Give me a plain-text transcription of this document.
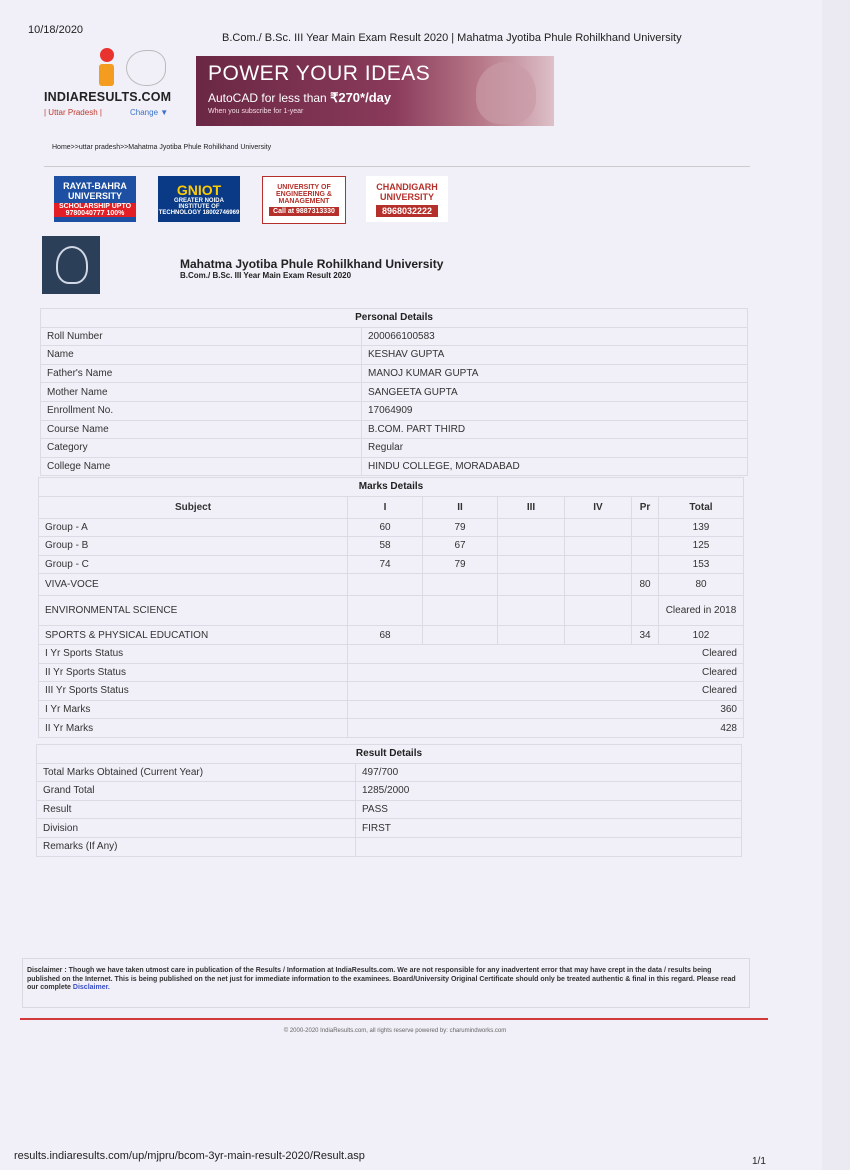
10/18/2020
B.Com./ B.Sc. III Year Main Exam Result 2020 | Mahatma Jyotiba Phule Rohilkhand University
INDIARESULTS.COM
| Uttar Pradesh |	Change ▼
POWER YOUR IDEAS
AutoCAD for less than ₹270*/day
When you subscribe for 1-year
Home>>uttar pradesh>>Mahatma Jyotiba Phule Rohilkhand University
RAYAT-BAHRA UNIVERSITY
SCHOLARSHIP UPTO 9780040777 100%
GNIOT
GREATER NOIDA INSTITUTE OF TECHNOLOGY 18002746969
UNIVERSITY OF ENGINEERING & MANAGEMENT
Call at 9887313330
CHANDIGARH UNIVERSITY
8968032222
Mahatma Jyotiba Phule Rohilkhand University
B.Com./ B.Sc. III Year Main Exam Result 2020
Personal Details	
Roll Number	200066100583
Name	KESHAV GUPTA
Father's Name	MANOJ KUMAR GUPTA
Mother Name	SANGEETA GUPTA
Enrollment No.	17064909
Course Name	B.COM. PART THIRD
Category	Regular
College Name	HINDU COLLEGE, MORADABAD
Marks Details						
Subject	I	II	III	IV	Pr	Total
Group - A	60	79				139
Group - B	58	67				125
Group - C	74	79				153
VIVA-VOCE					80	80
ENVIRONMENTAL SCIENCE						Cleared in 2018
SPORTS & PHYSICAL EDUCATION	68				34	102
I Yr Sports Status	Cleared					
II Yr Sports Status	Cleared					
III Yr Sports Status	Cleared					
I Yr Marks	360					
II Yr Marks	428					
Result Details	
Total Marks Obtained (Current Year)	497/700
Grand Total	1285/2000
Result	PASS
Division	FIRST
Remarks (If Any)	
Disclaimer : Though we have taken utmost care in publication of the Results / Information at IndiaResults.com. We are not responsible for any inadvertent error that may have crept in the data / results being published on the Internet. This is being published on the net just for immediate information to the examinees. Board/University Original Certificate should only be treated authentic & final in this regard. Please read our complete Disclaimer.
© 2000-2020 IndiaResults.com, all rights reserve powered by: charumindworks.com
results.indiaresults.com/up/mjpru/bcom-3yr-main-result-2020/Result.asp	1/1
